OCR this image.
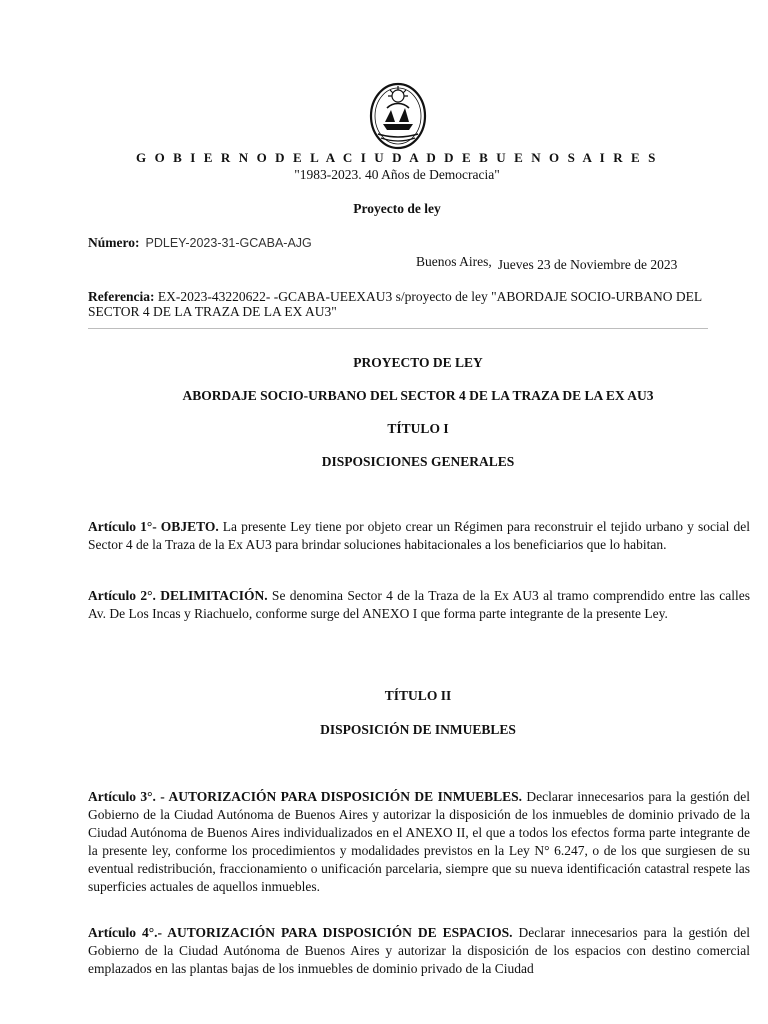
G O B I E R N O D E L A C I U D A D D E B U E N O S A I R E S
"1983-2023. 40 Años de Democracia"
Proyecto de ley
Número: PDLEY-2023-31-GCABA-AJG
Buenos Aires, Jueves 23 de Noviembre de 2023
Referencia: EX-2023-43220622- -GCABA-UEEXAU3 s/proyecto de ley "ABORDAJE SOCIO-URBANO DEL SECTOR 4 DE LA TRAZA DE LA EX AU3"
PROYECTO DE LEY
ABORDAJE SOCIO-URBANO DEL SECTOR 4 DE LA TRAZA DE LA EX AU3
TÍTULO I
DISPOSICIONES GENERALES
Artículo 1°- OBJETO. La presente Ley tiene por objeto crear un Régimen para reconstruir el tejido urbano y social del Sector 4 de la Traza de la Ex AU3 para brindar soluciones habitacionales a los beneficiarios que lo habitan.
Artículo 2°. DELIMITACIÓN. Se denomina Sector 4 de la Traza de la Ex AU3 al tramo comprendido entre las calles Av. De Los Incas y Riachuelo, conforme surge del ANEXO I que forma parte integrante de la presente Ley.
TÍTULO II
DISPOSICIÓN DE INMUEBLES
Artículo 3°. - AUTORIZACIÓN PARA DISPOSICIÓN DE INMUEBLES. Declarar innecesarios para la gestión del Gobierno de la Ciudad Autónoma de Buenos Aires y autorizar la disposición de los inmuebles de dominio privado de la Ciudad Autónoma de Buenos Aires individualizados en el ANEXO II, el que a todos los efectos forma parte integrante de la presente ley, conforme los procedimientos y modalidades previstos en la Ley N° 6.247, o de los que surgiesen de su eventual redistribución, fraccionamiento o unificación parcelaria, siempre que su nueva identificación catastral respete las superficies actuales de aquellos inmuebles.
Artículo 4°.- AUTORIZACIÓN PARA DISPOSICIÓN DE ESPACIOS. Declarar innecesarios para la gestión del Gobierno de la Ciudad Autónoma de Buenos Aires y autorizar la disposición de los espacios con destino comercial emplazados en las plantas bajas de los inmuebles de dominio privado de la Ciudad
